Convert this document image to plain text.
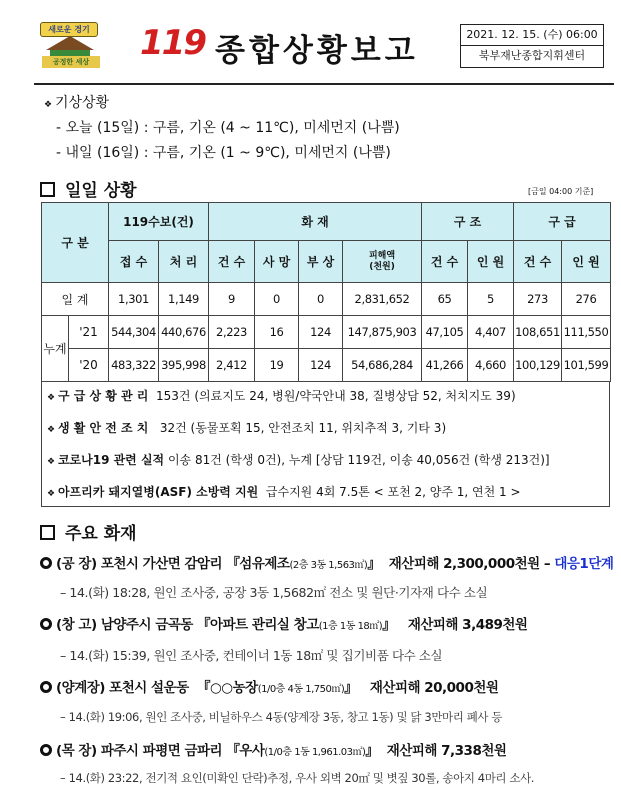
새로운 경기
공정한 세상	119 종합상황보고	2021. 12. 15. (수) 06:00
북부재난종합지휘센터
❖ 기상상황
- 오늘 (15일) : 구름, 기온 (4 ~ 11℃), 미세먼지 (나쁨)
- 내일 (16일) : 구름, 기온 (1 ~ 9℃), 미세먼지 (나쁨)
일일 상황	[금일 04:00 기준]
구 분		119수보(건)		화 재				구 조		구 급	
		접 수	처 리	건 수	사 망	부 상	피해액
(천원)	건 수	인 원	건 수	인 원
일 계		1,301	1,149	9	0	0	2,831,652	65	5	273	276
누계	'21	544,304	440,676	2,223	16	124	147,875,903	47,105	4,407	108,651	111,550
	'20	483,322	395,998	2,412	19	124	54,686,284	41,266	4,660	100,129	101,599
❖ 구 급 상 황 관 리 153건 (의료지도 24, 병원/약국안내 38, 질병상담 52, 처치지도 39)
❖ 생 활 안 전 조 치 32건 (동물포획 15, 안전조치 11, 위치추적 3, 기타 3)
❖ 코로나19 관련 실적 이송 81건 (학생 0건), 누계 [상담 119건, 이송 40,056건 (학생 213건)]
❖ 아프리카 돼지열병(ASF) 소방력 지원 급수지원 4회 7.5톤 < 포천 2, 양주 1, 연천 1 >
주요 화재
(공 장) 포천시 가산면 감암리 『섬유제조(2층 3동 1,563㎡)』 재산피해 2,300,000천원 – 대응1단계
– 14.(화) 18:28, 원인 조사중, 공장 3동 1,5682㎡ 전소 및 원단·기자재 다수 소실
(창 고) 남양주시 금곡동 『아파트 관리실 창고(1층 1동 18㎡)』 재산피해 3,489천원
– 14.(화) 15:39, 원인 조사중, 컨테이너 1동 18㎡ 및 집기비품 다수 소실
(양계장) 포천시 설운동 『○○농장(1/0층 4동 1,750㎡)』 재산피해 20,000천원
– 14.(화) 19:06, 원인 조사중, 비닐하우스 4동(양계장 3동, 창고 1동) 및 닭 3만마리 폐사 등
(목 장) 파주시 파평면 금파리 『우사(1/0층 1동 1,961.03㎡)』 재산피해 7,338천원
– 14.(화) 23:22, 전기적 요인(미확인 단락)추정, 우사 외벽 20㎡ 및 볏짚 30롤, 송아지 4마리 소사.
